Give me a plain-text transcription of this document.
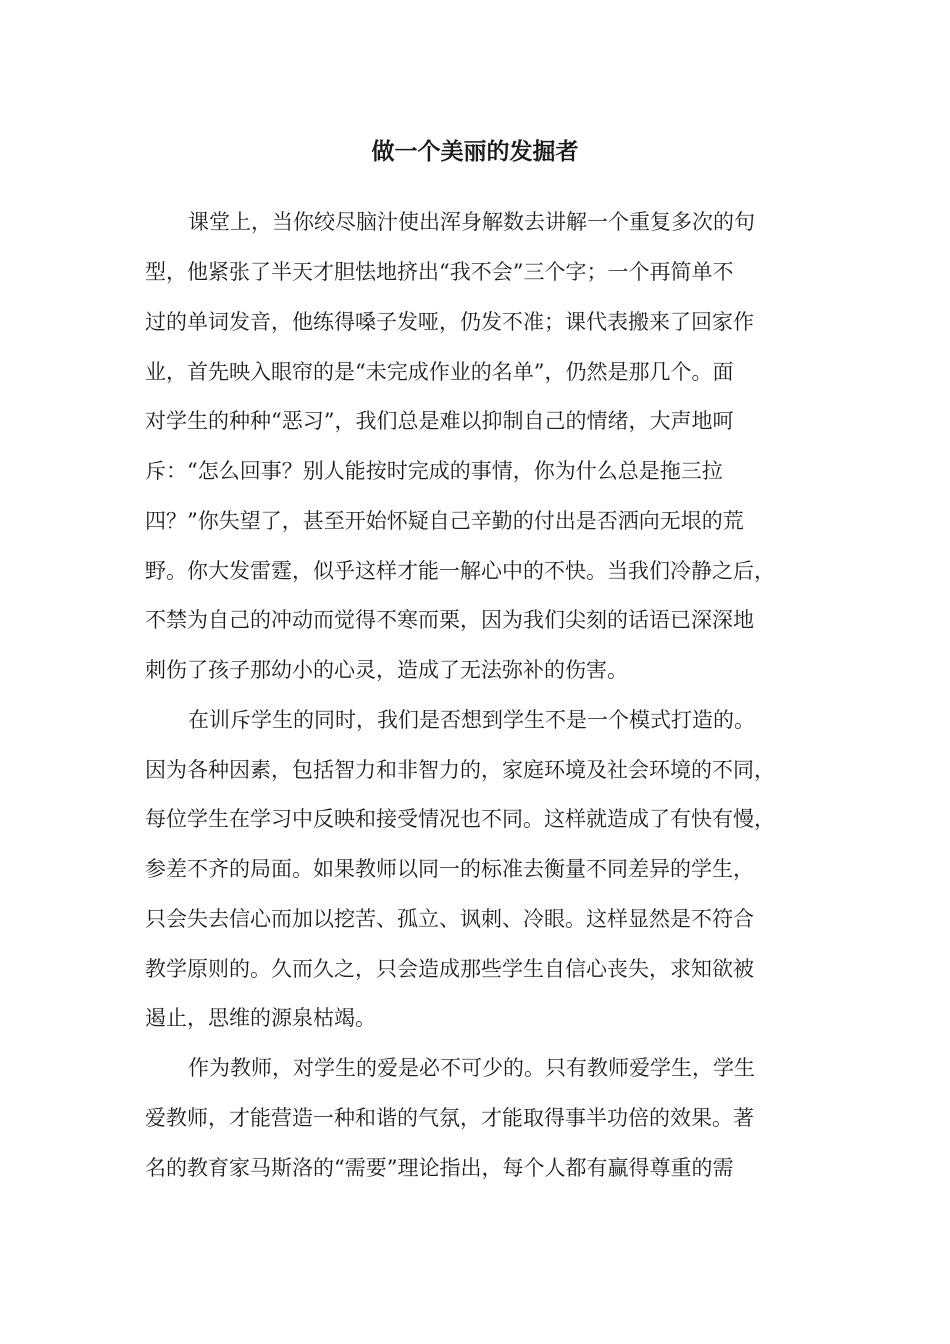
做一个美丽的发掘者

课堂上，当你绞尽脑汁使出浑身解数去讲解一个重复多次的句

型，他紧张了半天才胆怯地挤出“我不会”三个字；一个再简单不

过的单词发音，他练得嗓子发哑，仍发不准；课代表搬来了回家作

业，首先映入眼帘的是“未完成作业的名单”，仍然是那几个。面

对学生的种种“恶习”，我们总是难以抑制自己的情绪，大声地呵

斥：“怎么回事？别人能按时完成的事情，你为什么总是拖三拉

四？”你失望了，甚至开始怀疑自己辛勤的付出是否洒向无垠的荒

野。你大发雷霆，似乎这样才能一解心中的不快。当我们冷静之后，

不禁为自己的冲动而觉得不寒而栗，因为我们尖刻的话语已深深地

刺伤了孩子那幼小的心灵，造成了无法弥补的伤害。

在训斥学生的同时，我们是否想到学生不是一个模式打造的。

因为各种因素，包括智力和非智力的，家庭环境及社会环境的不同，

每位学生在学习中反映和接受情况也不同。这样就造成了有快有慢，

参差不齐的局面。如果教师以同一的标准去衡量不同差异的学生，

只会失去信心而加以挖苦、孤立、讽刺、冷眼。这样显然是不符合

教学原则的。久而久之，只会造成那些学生自信心丧失，求知欲被

遏止，思维的源泉枯竭。

作为教师，对学生的爱是必不可少的。只有教师爱学生，学生

爱教师，才能营造一种和谐的气氛，才能取得事半功倍的效果。著

名的教育家马斯洛的“需要”理论指出，每个人都有赢得尊重的需
